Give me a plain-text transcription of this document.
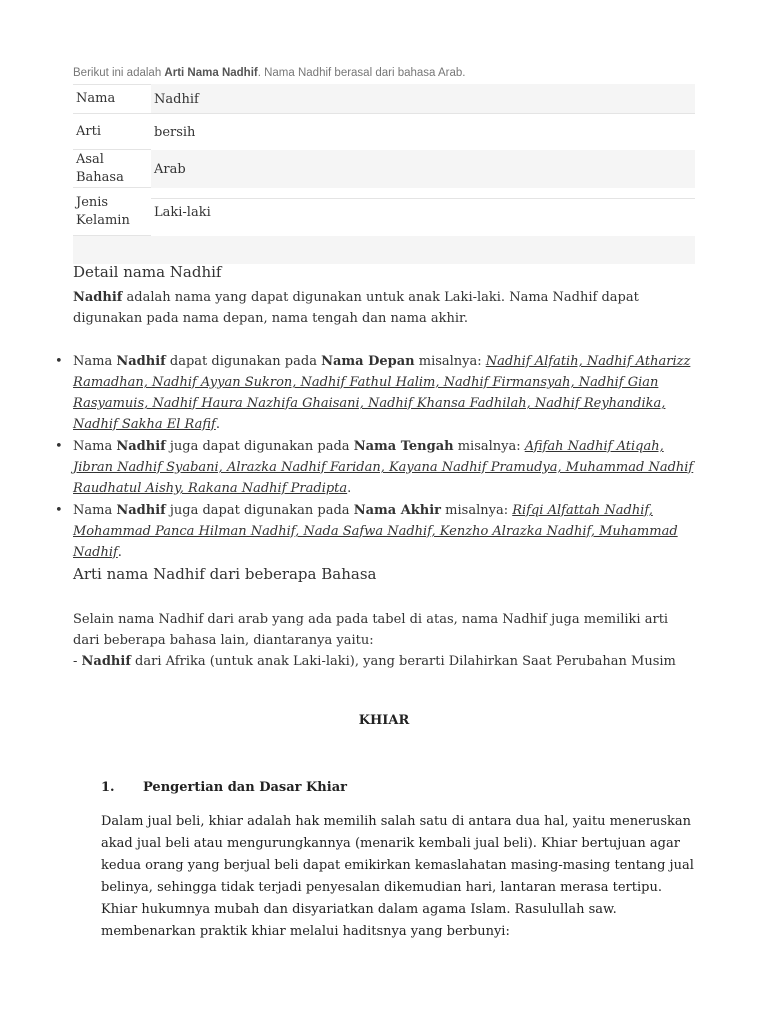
Berikut ini adalah Arti Nama Nadhif. Nama Nadhif berasal dari bahasa Arab.
Nama	Nadhif
Arti	bersih
Asal Bahasa
Arab
Jenis Kelamin
Laki-laki
Detail nama Nadhif

Nadhif adalah nama yang dapat digunakan untuk anak Laki-laki. Nama Nadhif dapat digunakan pada nama depan, nama tengah dan nama akhir.

• Nama Nadhif dapat digunakan pada Nama Depan misalnya: Nadhif Alfatih, Nadhif Atharizz Ramadhan, Nadhif Ayyan Sukron, Nadhif Fathul Halim, Nadhif Firmansyah, Nadhif Gian Rasyamuis, Nadhif Haura Nazhifa Ghaisani, Nadhif Khansa Fadhilah, Nadhif Reyhandika, Nadhif Sakha El Rafif.
• Nama Nadhif juga dapat digunakan pada Nama Tengah misalnya: Afifah Nadhif Atiqah, Jibran Nadhif Syabani, Alrazka Nadhif Faridan, Kayana Nadhif Pramudya, Muhammad Nadhif Raudhatul Aishy, Rakana Nadhif Pradipta.
• Nama Nadhif juga dapat digunakan pada Nama Akhir misalnya: Rifqi Alfattah Nadhif, Mohammad Panca Hilman Nadhif, Nada Safwa Nadhif, Kenzho Alrazka Nadhif, Muhammad Nadhif.
Arti nama Nadhif dari beberapa Bahasa

Selain nama Nadhif dari arab yang ada pada tabel di atas, nama Nadhif juga memiliki arti dari beberapa bahasa lain, diantaranya yaitu:
- Nadhif dari Afrika (untuk anak Laki-laki), yang berarti Dilahirkan Saat Perubahan Musim

KHIAR
1. Pengertian dan Dasar Khiar

Dalam jual beli, khiar adalah hak memilih salah satu di antara dua hal, yaitu meneruskan akad jual beli atau mengurungkannya (menarik kembali jual beli). Khiar bertujuan agar kedua orang yang berjual beli dapat emikirkan kemaslahatan masing-masing tentang jual belinya, sehingga tidak terjadi penyesalan dikemudian hari, lantaran merasa tertipu. Khiar hukumnya mubah dan disyariatkan dalam agama Islam. Rasulullah saw. membenarkan praktik khiar melalui haditsnya yang berbunyi:
